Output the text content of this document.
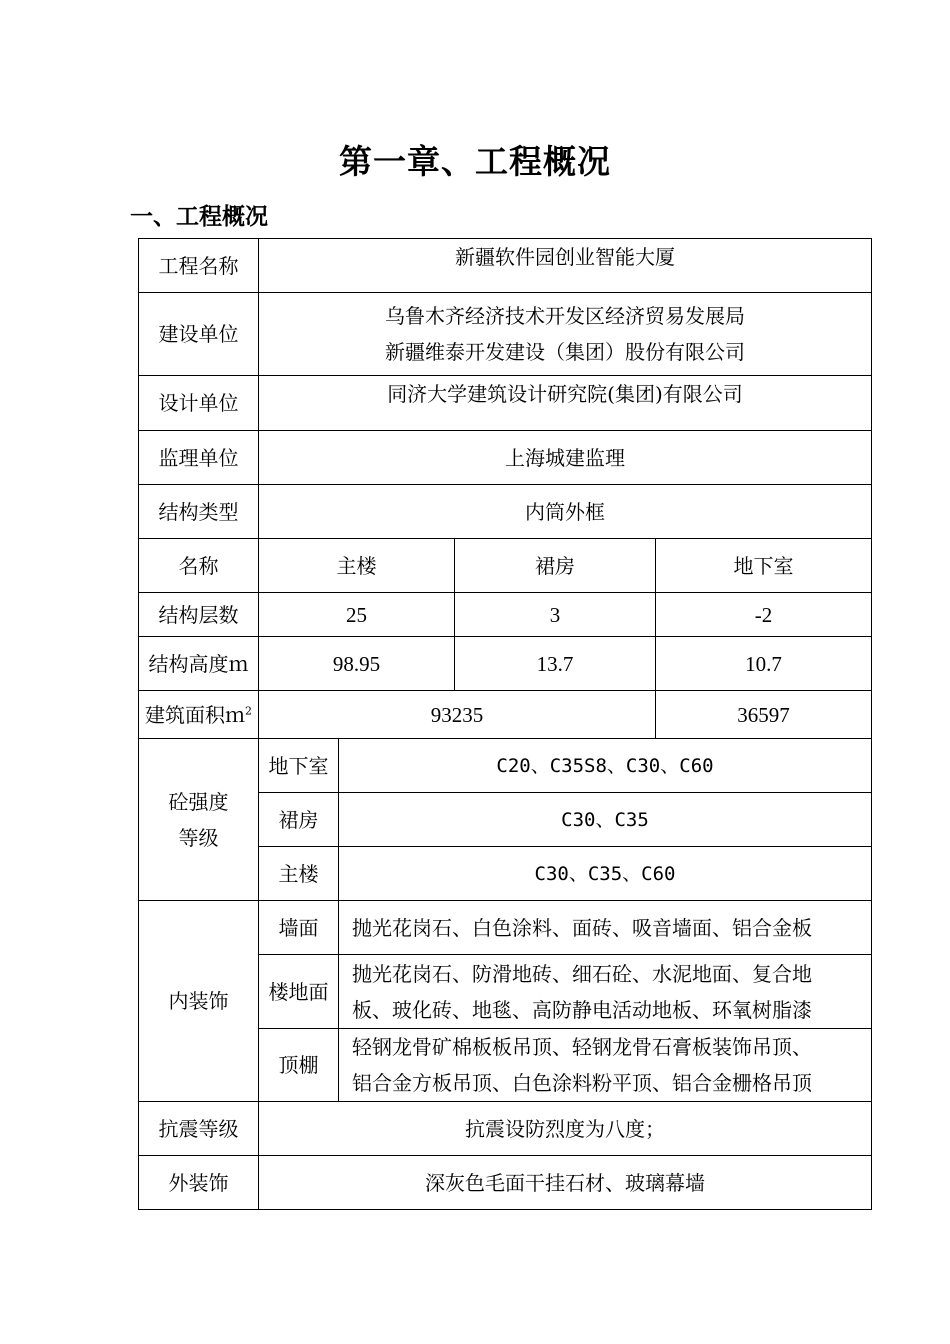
第一章、工程概况
一、工程概况
工程名称	新疆软件园创业智能大厦			
建设单位	乌鲁木齐经济技术开发区经济贸易发展局
新疆维泰开发建设（集团）股份有限公司			

设计单位	同济大学建筑设计研究院(集团)有限公司			
监理单位	上海城建监理			
结构类型	内筒外框			
名称	主楼		裙房	地下室
结构层数	25		3	-2
结构高度ｍ	98.95		13.7	10.7
建筑面积ｍ$^2$	93235			36597

砼强度
等级	地下室	C20、C35S8、C30、C60		
	裙房	C30、C35		
	主楼	C30、C35、C60		
内装饰	墙面	抛光花岗石、白色涂料、面砖、吸音墙面、铝合金板		
	楼地面	抛光花岗石、防滑地砖、细石砼、水泥地面、复合地
板、玻化砖、地毯、高防静电活动地板、环氧树脂漆		

	顶棚	轻钢龙骨矿棉板板吊顶、轻钢龙骨石膏板装饰吊顶、
铝合金方板吊顶、白色涂料粉平顶、铝合金栅格吊顶		

抗震等级	抗震设防烈度为八度；			
外装饰	深灰色毛面干挂石材、玻璃幕墙			
